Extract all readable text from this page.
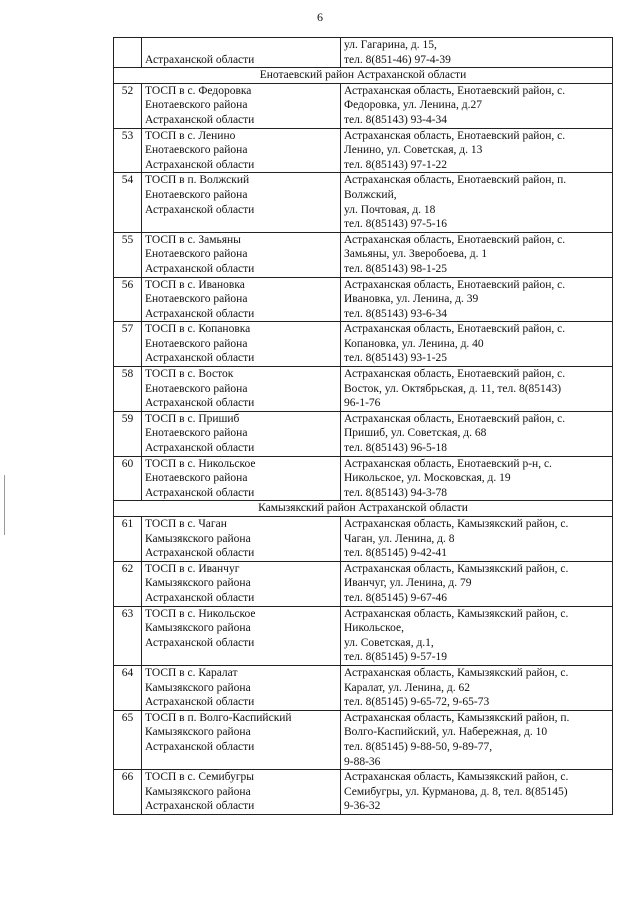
6

	Астраханской области	ул. Гагарина, д. 15,
тел. 8(851-46) 97-4-39

Енотаевский район Астраханской области		
52	ТОСП в с. Федоровка
Енотаевского района
Астраханской области	Астраханская область, Енотаевский район, с.
Федоровка, ул. Ленина, д.27
тел. 8(85143) 93-4-34

53	ТОСП в с. Ленино
Енотаевского района
Астраханской области	Астраханская область, Енотаевский район, с.
Ленино, ул. Советская, д. 13
тел. 8(85143) 97-1-22

54	ТОСП в п. Волжский
Енотаевского района
Астраханской области	Астраханская область, Енотаевский район, п.
Волжский,
ул. Почтовая, д. 18
тел. 8(85143) 97-5-16

55	ТОСП в с. Замьяны
Енотаевского района
Астраханской области	Астраханская область, Енотаевский район, с.
Замьяны, ул. Зверобоева, д. 1
тел. 8(85143) 98-1-25

56	ТОСП в с. Ивановка
Енотаевского района
Астраханской области	Астраханская область, Енотаевский район, с.
Ивановка, ул. Ленина, д. 39
тел. 8(85143) 93-6-34

57	ТОСП в с. Копановка
Енотаевского района
Астраханской области	Астраханская область, Енотаевский район, с.
Копановка, ул. Ленина, д. 40
тел. 8(85143) 93-1-25

58	ТОСП в с. Восток
Енотаевского района
Астраханской области	Астраханская область, Енотаевский район, с.
Восток, ул. Октябрьская, д. 11, тел. 8(85143)
96-1-76

59	ТОСП в с. Пришиб
Енотаевского района
Астраханской области	Астраханская область, Енотаевский район, с.
Пришиб, ул. Советская, д. 68
тел. 8(85143) 96-5-18

60	ТОСП в с. Никольское
Енотаевского района
Астраханской области	Астраханская область, Енотаевский р-н, с.
Никольское, ул. Московская, д. 19
тел. 8(85143) 94-3-78

Камызякский район Астраханской области		
61	ТОСП в с. Чаган
Камызякского района
Астраханской области	Астраханская область, Камызякский район, с.
Чаган, ул. Ленина, д. 8
тел. 8(85145) 9-42-41

62	ТОСП в с. Иванчуг
Камызякского района
Астраханской области	Астраханская область, Камызякский район, с.
Иванчуг, ул. Ленина, д. 79
тел. 8(85145) 9-67-46

63	ТОСП в с. Никольское
Камызякского района
Астраханской области	Астраханская область, Камызякский район, с.
Никольское,
ул. Советская, д.1,
тел. 8(85145) 9-57-19

64	ТОСП в с. Каралат
Камызякского района
Астраханской области	Астраханская область, Камызякский район, с.
Каралат, ул. Ленина, д. 62
тел. 8(85145) 9-65-72, 9-65-73

65	ТОСП в п. Волго-Каспийский
Камызякского района
Астраханской области	Астраханская область, Камызякский район, п.
Волго-Каспийский, ул. Набережная, д. 10
тел. 8(85145) 9-88-50, 9-89-77,
9-88-36

66	ТОСП в с. Семибугры
Камызякского района
Астраханской области	Астраханская область, Камызякский район, с.
Семибугры, ул. Курманова, д. 8, тел. 8(85145)
9-36-32
